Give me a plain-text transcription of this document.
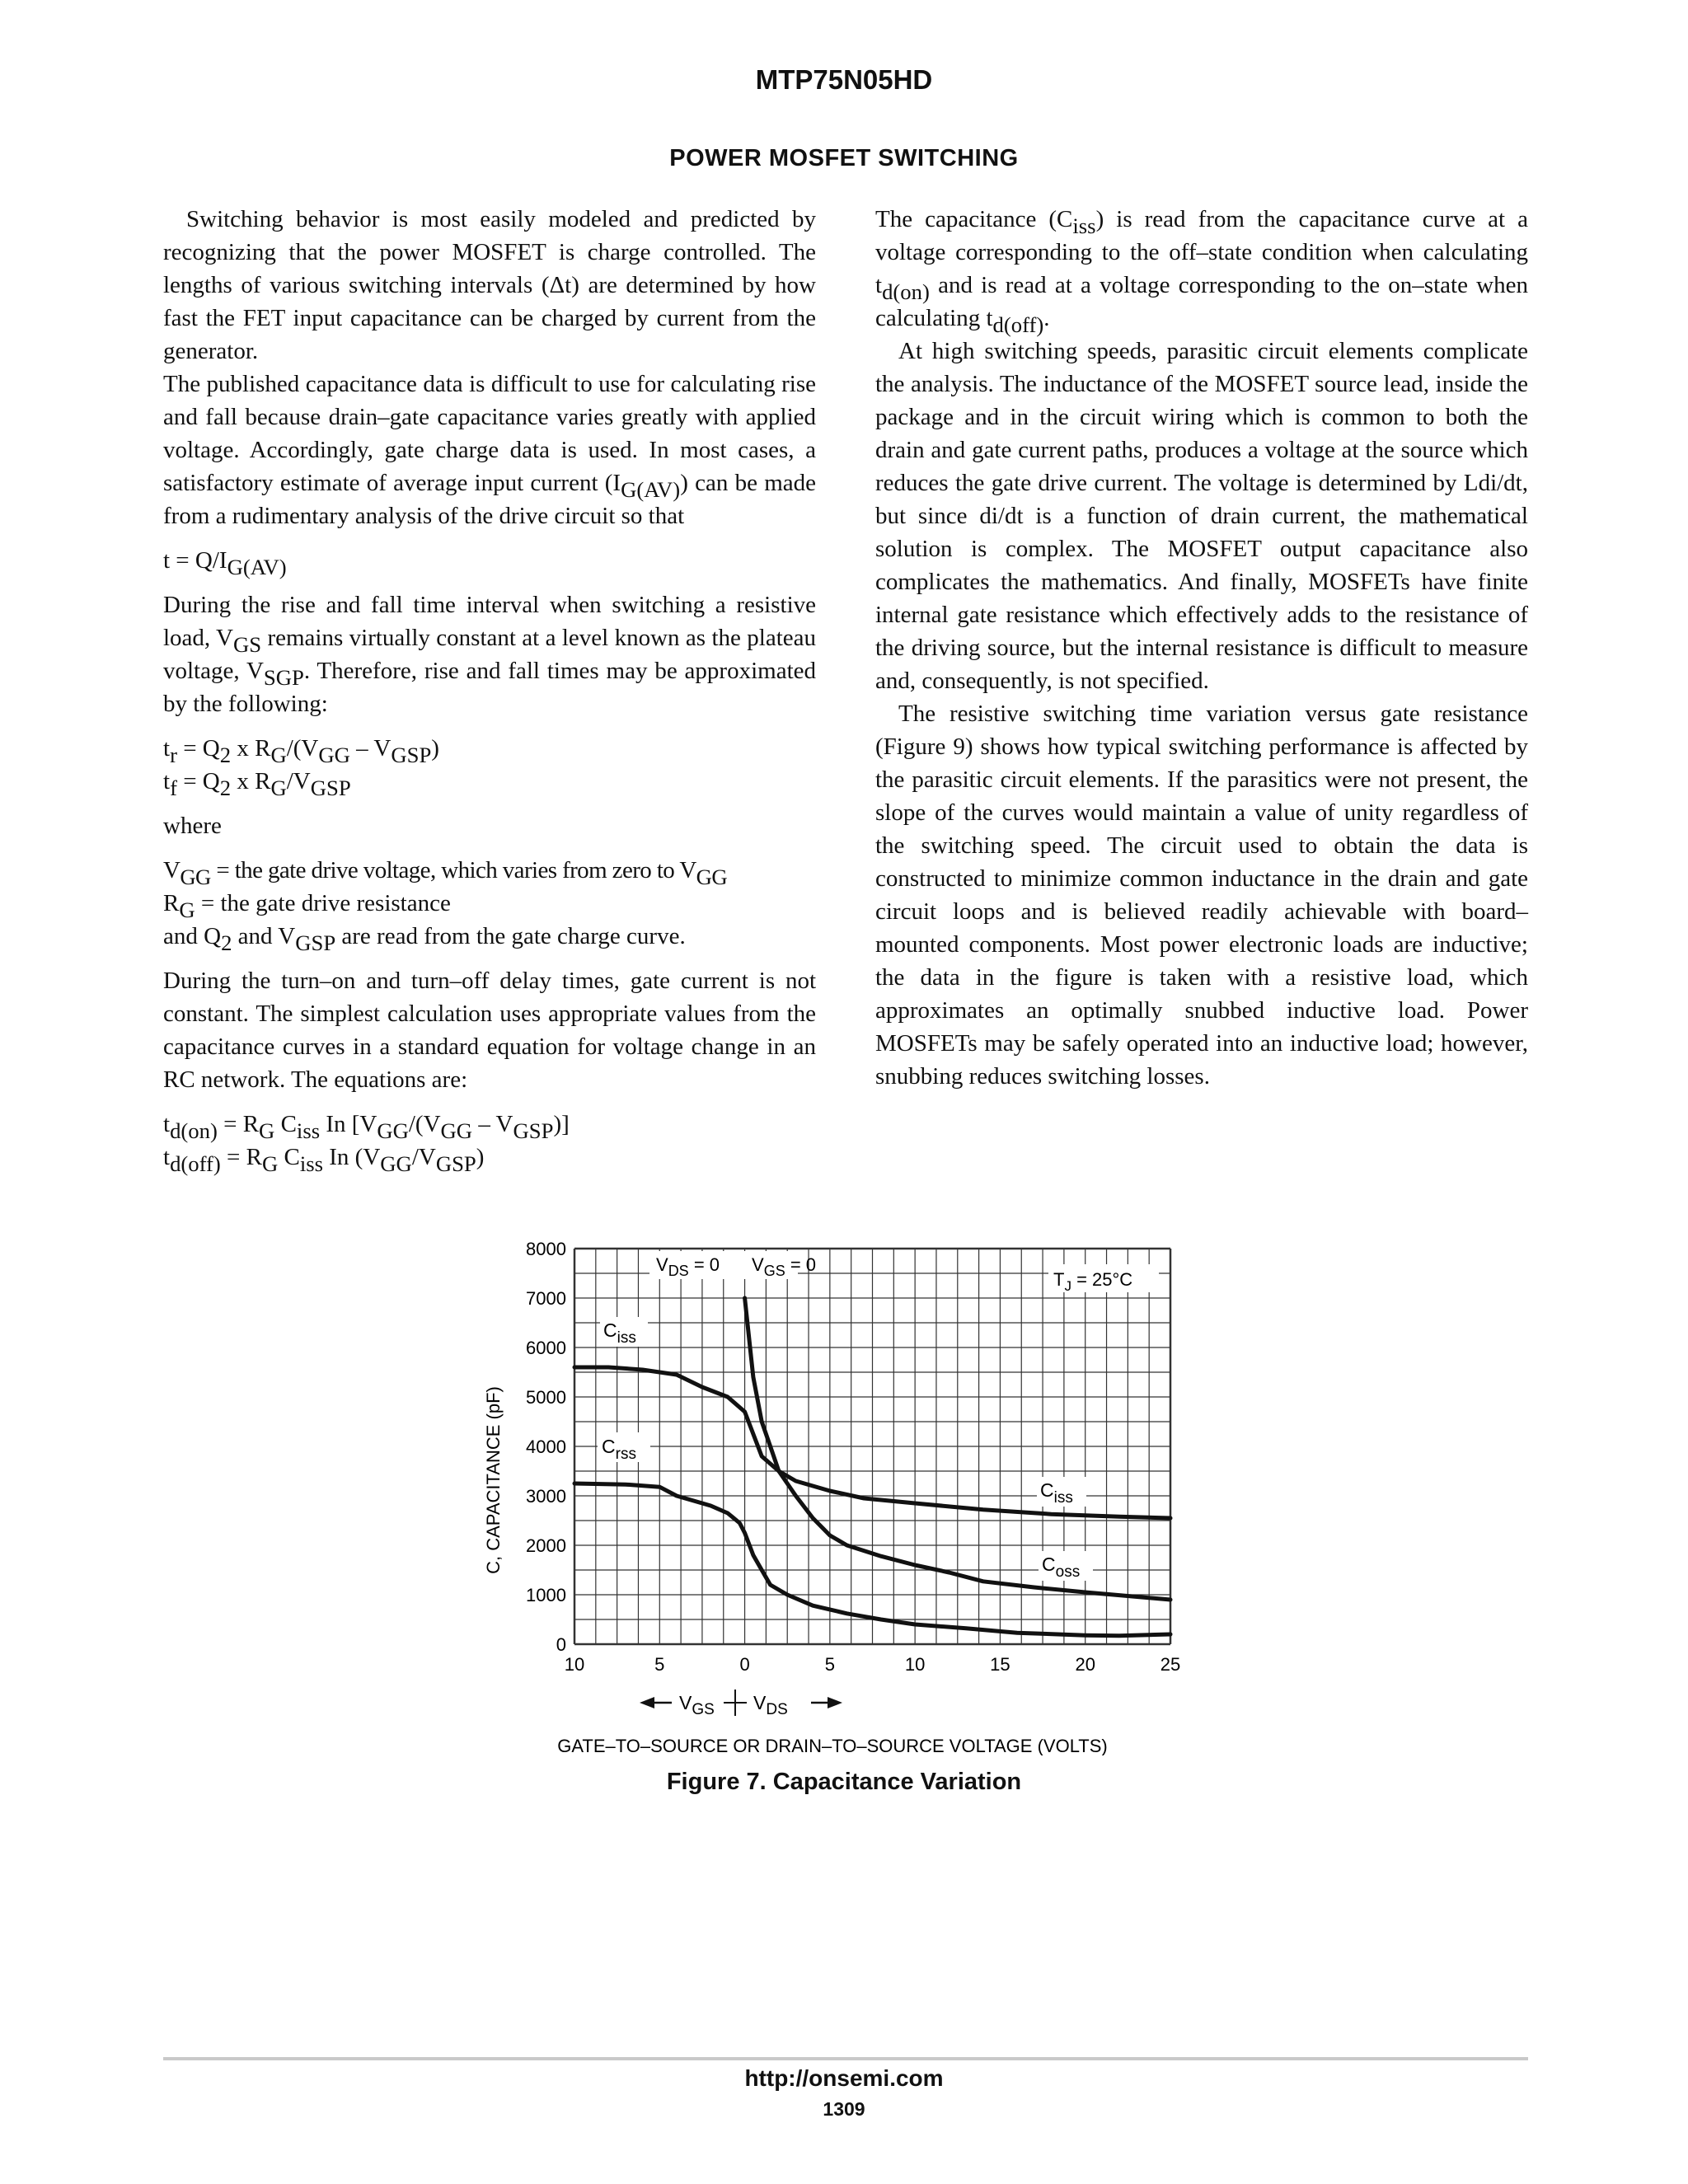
MTP75N05HD
POWER MOSFET SWITCHING

Switching behavior is most easily modeled and predicted by recognizing that the power MOSFET is charge controlled. The lengths of various switching intervals (Δt) are determined by how fast the FET input capacitance can be charged by current from the generator.

The published capacitance data is difficult to use for calculating rise and fall because drain–gate capacitance varies greatly with applied voltage. Accordingly, gate charge data is used. In most cases, a satisfactory estimate of average input current $(I_{G(AV)})$ can be made from a rudimentary analysis of the drive circuit so that

$t = Q/I_{G(AV)}$

During the rise and fall time interval when switching a resistive load, $V_{GS}$ remains virtually constant at a level known as the plateau voltage, $V_{SGP}$. Therefore, rise and fall times may be approximated by the following:

$t_r = Q_2$ x $R_G/(V_{GG} - V_{GSP})$

$t_f = Q_2$ x $R_G/V_{GSP}$

where

$V_{GG}$ = the gate drive voltage, which varies from zero to $V_{GG}$

$R_G$ = the gate drive resistance

and $Q_2$ and $V_{GSP}$ are read from the gate charge curve.

During the turn–on and turn–off delay times, gate current is not constant. The simplest calculation uses appropriate values from the capacitance curves in a standard equation for voltage change in an RC network. The equations are:

$t_{d(on)} = R_G$ $C_{iss}$ In $[V_{GG}/(V_{GG} - V_{GSP})]$

$t_{d(off)} = R_G$ $C_{iss}$ In $(V_{GG}/V_{GSP})$

The capacitance $(C_{iss})$ is read from the capacitance curve at a voltage corresponding to the off–state condition when calculating $t_{d(on)}$ and is read at a voltage corresponding to the on–state when calculating $t_{d(off)}$.

At high switching speeds, parasitic circuit elements complicate the analysis. The inductance of the MOSFET source lead, inside the package and in the circuit wiring which is common to both the drain and gate current paths, produces a voltage at the source which reduces the gate drive current. The voltage is determined by Ldi/dt, but since di/dt is a function of drain current, the mathematical solution is complex. The MOSFET output capacitance also complicates the mathematics. And finally, MOSFETs have finite internal gate resistance which effectively adds to the resistance of the driving source, but the internal resistance is difficult to measure and, consequently, is not specified.

The resistive switching time variation versus gate resistance (Figure 9) shows how typical switching performance is affected by the parasitic circuit elements. If the parasitics were not present, the slope of the curves would maintain a value of unity regardless of the switching speed. The circuit used to obtain the data is constructed to minimize common inductance in the drain and gate circuit loops and is believed readily achievable with board–mounted components. Most power electronic loads are inductive; the data in the figure is taken with a resistive load, which approximates an optimally snubbed inductive load. Power MOSFETs may be safely operated into an inductive load; however, snubbing reduces switching losses.

0
1000
2000
3000
4000
5000
6000
7000
8000
10	5	0	5	10	15	20	25
$V_{DS} = 0$ $V_{GS} = 0$
$T_J = 25^\circ C$
$C_{iss}$
$C_{rss}$
$C_{iss}$
$C_{oss}$
C, CAPACITANCE (pF)
$V_{GS}$ $V_{DS}$
GATE–TO–SOURCE OR DRAIN–TO–SOURCE VOLTAGE (VOLTS)
Figure 7. Capacitance Variation
http://onsemi.com
1309
